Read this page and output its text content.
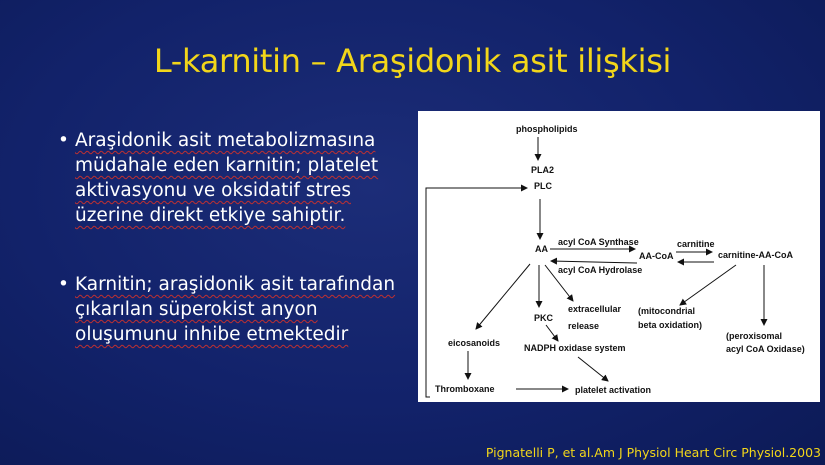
L-karnitin – Araşidonik asit ilişkisi
• Araşidonik asit metabolizmasına müdahale eden karnitin; platelet aktivasyonu ve oksidatif stres üzerine direkt etkiye sahiptir.
• Karnitin; araşidonik asit tarafından çıkarılan süperokist anyon oluşumunu inhibe etmektedir
phospholipids
PLA2
PLC
AA
acyl CoA Synthase
AA-CoA
carnitine
carnitine-AA-CoA
acyl CoA Hydrolase
extracellular
release
PKC
eicosanoids	NADPH oxidase system
(mitocondrial
beta oxidation)
(peroxisomal
acyl CoA Oxidase)
Thromboxane	platelet activation
Pignatelli P, et al.Am J Physiol Heart Circ Physiol.2003
